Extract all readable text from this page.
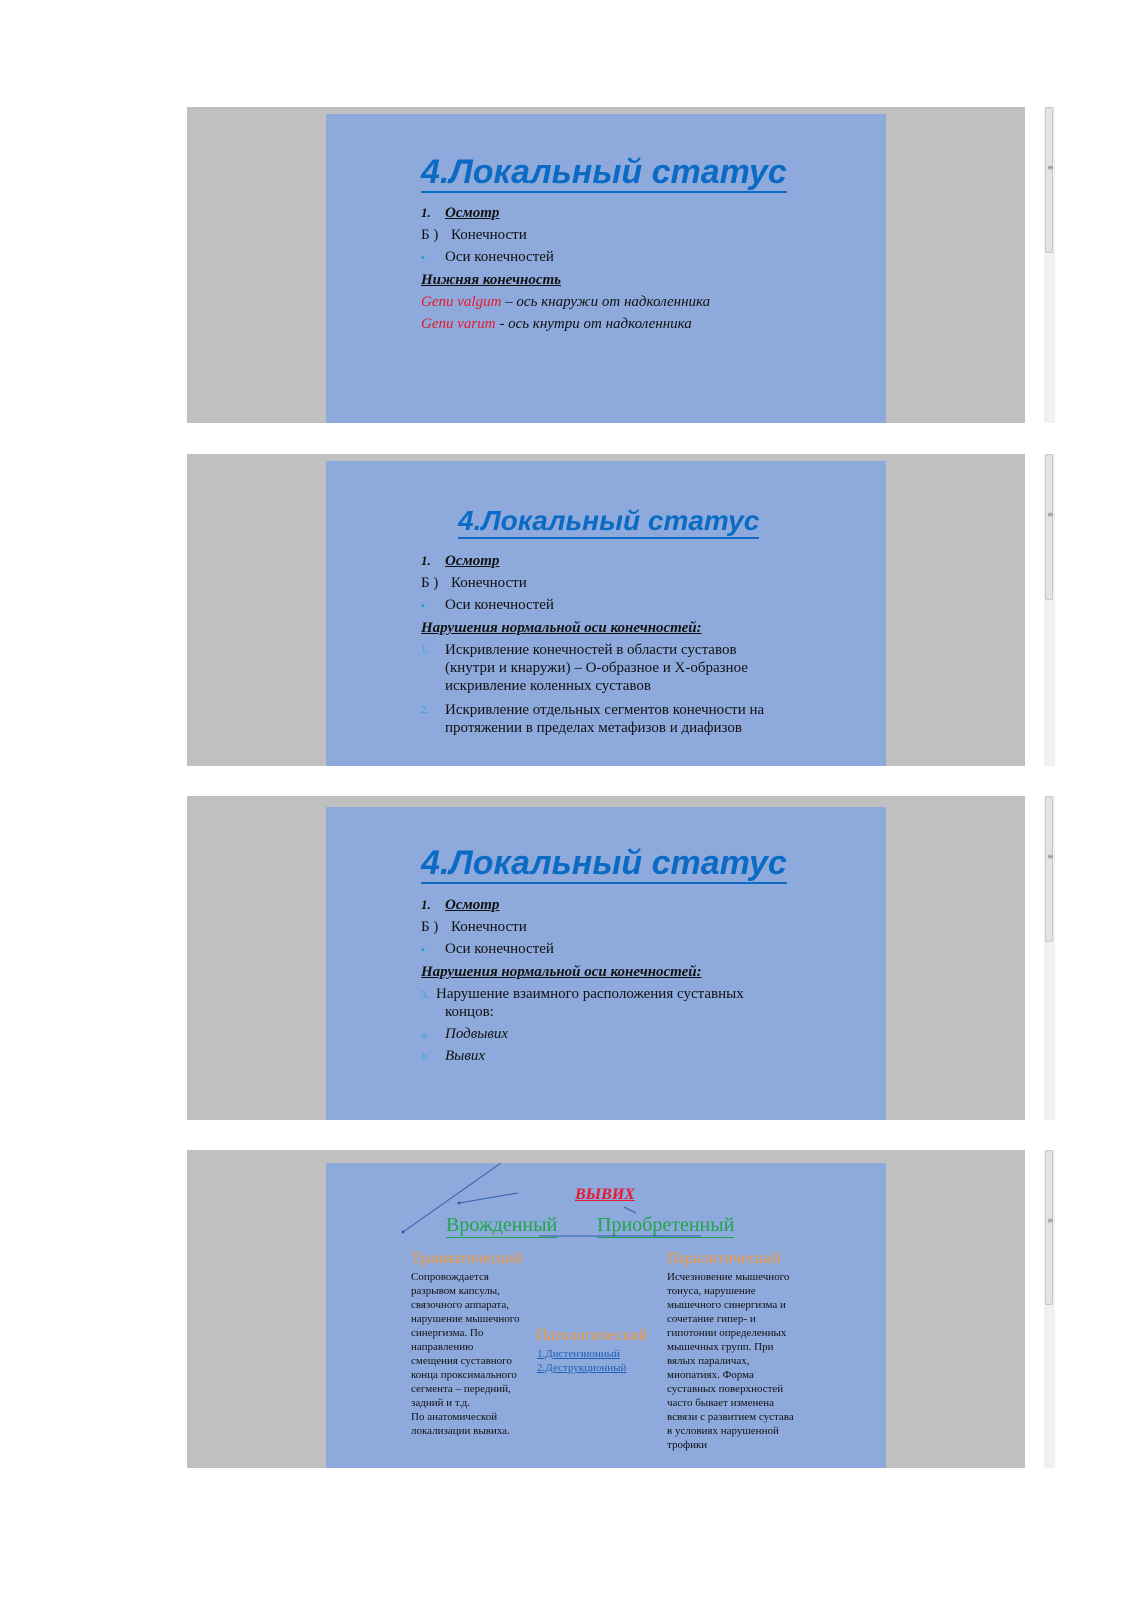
4.Локальный статус
1. Осмотр
Б ) Конечности
▪ Оси конечностей
Нижняя конечность
Genu valgum – ось кнаружи от надколенника
Genu varum - ось кнутри от надколенника
≡
4.Локальный статус
1. Осмотр
Б ) Конечности
▪ Оси конечностей
Нарушения нормальной оси конечностей:
1. Искривление конечностей в области суставов (кнутри и кнаружи) – О-образное и Х-образное искривление коленных суставов
2. Искривление отдельных сегментов конечности на протяжении в пределах метафизов и диафизов
≡
4.Локальный статус
1. Осмотр
Б ) Конечности
▪ Оси конечностей
Нарушения нормальной оси конечностей:
3. Нарушение взаимного расположения суставных
концов:
a. Подвывих
b. Вывих
≡
ВЫВИХ
Врожденный Приобретенный
Травматический
Сопровождается
разрывом капсулы,
связочного аппарата,
нарушение мышечного
синергизма. По
направлению
смещения суставного
конца проксимального
сегмента – передний,
задний и т.д.
По анатомической
локализации вывиха.
Патологический
1.Дистензионный
2.Деструкционный
Паралитический
Исчезновение мышечного
тонуса, нарушение
мышечного синергизма и
сочетание гипер- и
гипотонии определенных
мышечных групп. При
вялых параличах,
миопатиях. Форма
суставных поверхностей
часто бывает изменена
всвязи с развитием сустава
в условиях нарушенной
трофики
≡
